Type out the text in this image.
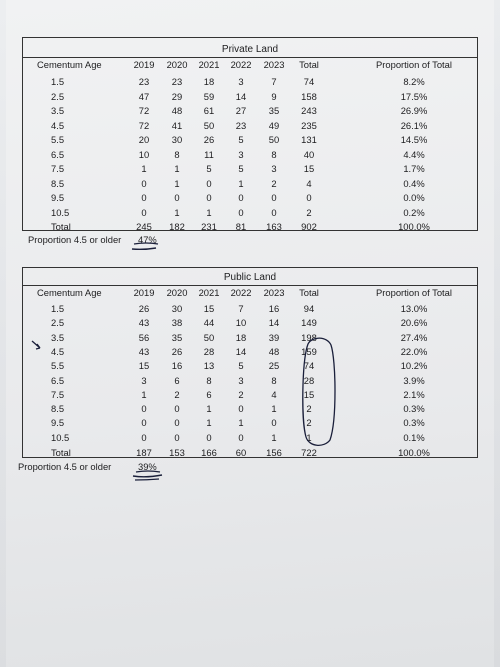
Private Land
Cementum Age	2019	2020	2021	2022	2023	Total	Proportion of Total
1.5	23	23	18	3	7	74	8.2%
2.5	47	29	59	14	9	158	17.5%
3.5	72	48	61	27	35	243	26.9%
4.5	72	41	50	23	49	235	26.1%
5.5	20	30	26	5	50	131	14.5%
6.5	10	8	11	3	8	40	4.4%
7.5	1	1	5	5	3	15	1.7%
8.5	0	1	0	1	2	4	0.4%
9.5	0	0	0	0	0	0	0.0%
10.5	0	1	1	0	0	2	0.2%
Total	245	182	231	81	163	902	100.0%
Proportion 4.5 or older 47%
Public Land
Cementum Age	2019	2020	2021	2022	2023	Total	Proportion of Total
1.5	26	30	15	7	16	94	13.0%
2.5	43	38	44	10	14	149	20.6%
3.5	56	35	50	18	39	198	27.4%
4.5	43	26	28	14	48	159	22.0%
5.5	15	16	13	5	25	74	10.2%
6.5	3	6	8	3	8	28	3.9%
7.5	1	2	6	2	4	15	2.1%
8.5	0	0	1	0	1	2	0.3%
9.5	0	0	1	1	0	2	0.3%
10.5	0	0	0	0	1	1	0.1%
Total	187	153	166	60	156	722	100.0%
Proportion 4.5 or older	39%
